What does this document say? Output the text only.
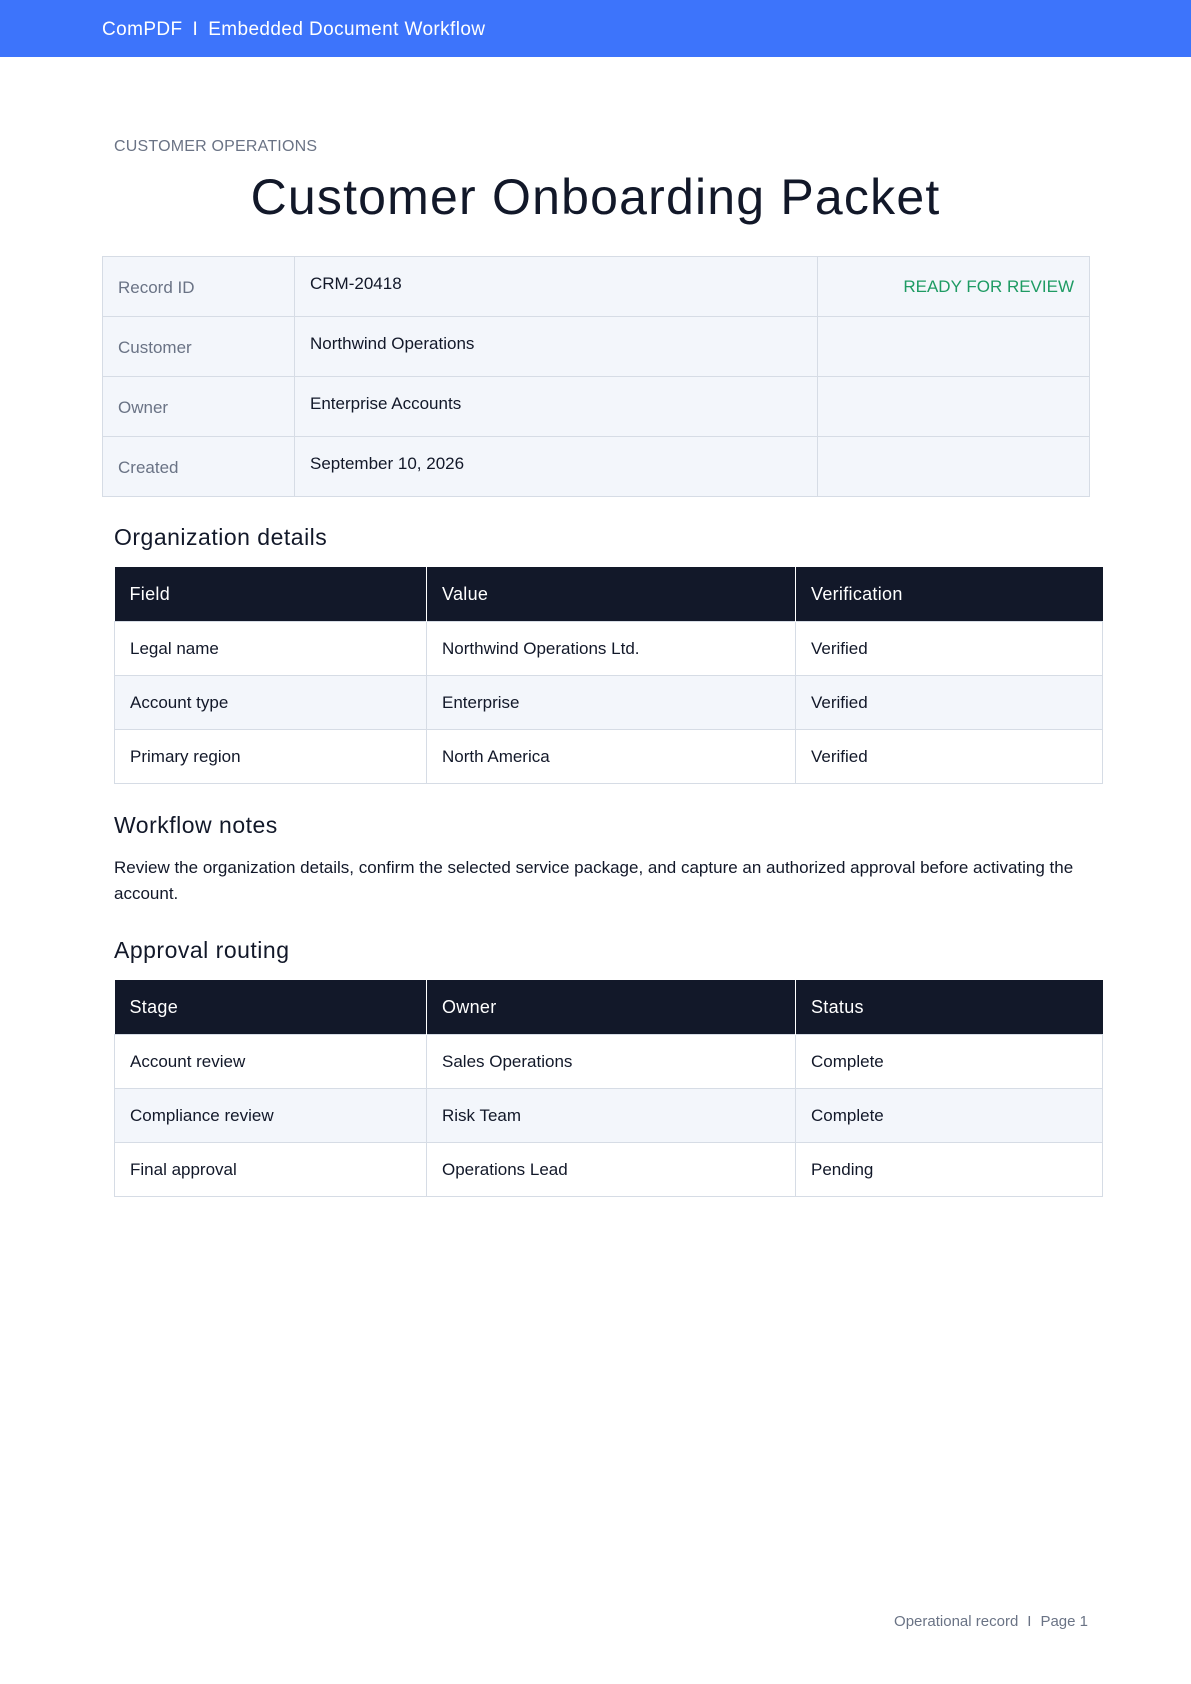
ComPDF I Embedded Document Workflow
CUSTOMER OPERATIONS
Customer Onboarding Packet
Record ID	CRM-20418	READY FOR REVIEW
Customer	Northwind Operations	
Owner	Enterprise Accounts	
Created	September 10, 2026	
Organization details
Field	Value	Verification
Legal name	Northwind Operations Ltd.	Verified
Account type	Enterprise	Verified
Primary region	North America	Verified
Workflow notes
Review the organization details, confirm the selected service package, and capture an authorized approval before activating the account.
Approval routing
Stage	Owner	Status
Account review	Sales Operations	Complete
Compliance review	Risk Team	Complete
Final approval	Operations Lead	Pending
Operational record I Page 1
